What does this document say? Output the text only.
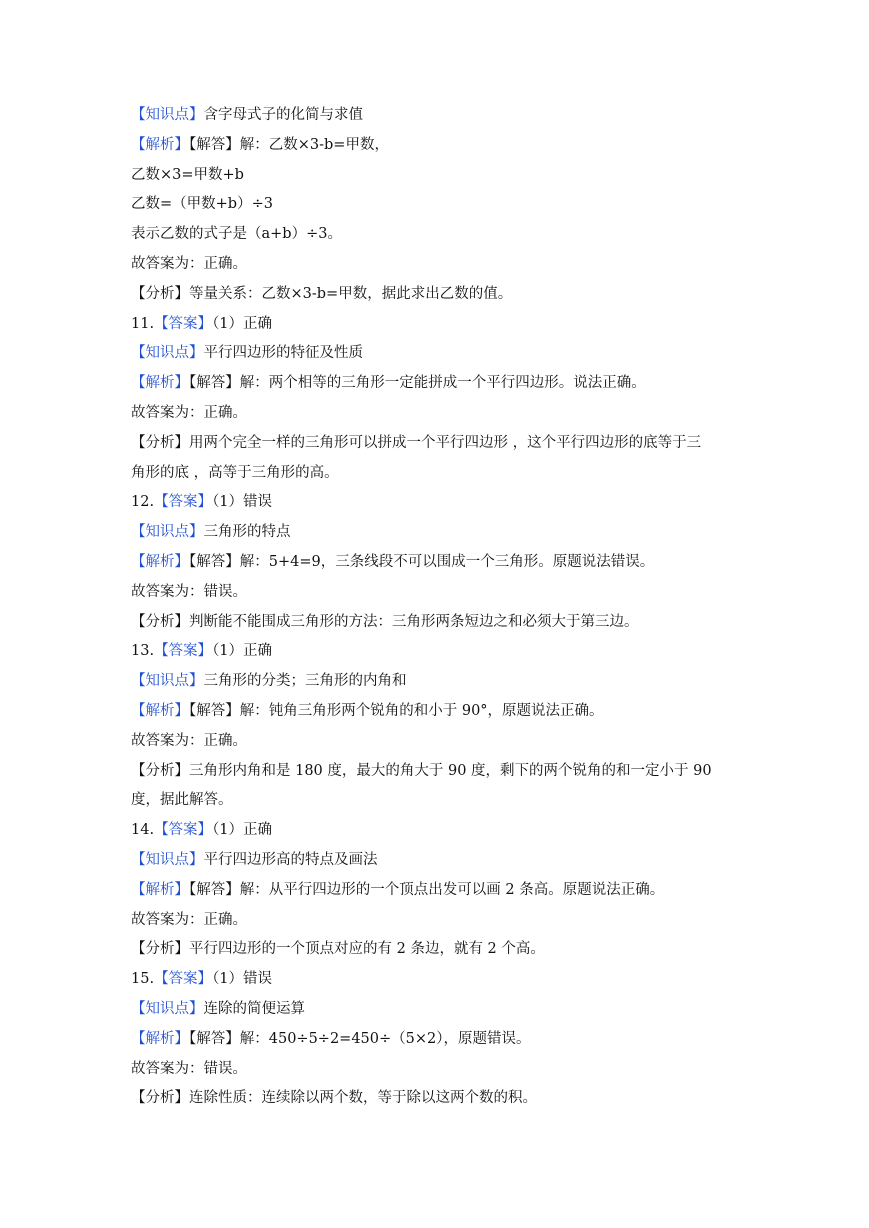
【知识点】含字母式子的化简与求值
【解析】【解答】解：乙数×3-b=甲数，
乙数×3=甲数+b
乙数=（甲数+b）÷3
表示乙数的式子是（a+b）÷3。
故答案为：正确。
【分析】等量关系：乙数×3-b=甲数，据此求出乙数的值。
11.【答案】（1）正确
【知识点】平行四边形的特征及性质
【解析】【解答】解：两个相等的三角形一定能拼成一个平行四边形。说法正确。
故答案为：正确。
【分析】用两个完全一样的三角形可以拼成一个平行四边形 ，这个平行四边形的底等于三
角形的底 ，高等于三角形的高。
12.【答案】（1）错误
【知识点】三角形的特点
【解析】【解答】解：5+4=9，三条线段不可以围成一个三角形。原题说法错误。
故答案为：错误。
【分析】判断能不能围成三角形的方法：三角形两条短边之和必须大于第三边。
13.【答案】（1）正确
【知识点】三角形的分类；三角形的内角和
【解析】【解答】解：钝角三角形两个锐角的和小于 90°，原题说法正确。
故答案为：正确。
【分析】三角形内角和是 180 度，最大的角大于 90 度，剩下的两个锐角的和一定小于 90
度，据此解答。
14.【答案】（1）正确
【知识点】平行四边形高的特点及画法
【解析】【解答】解：从平行四边形的一个顶点出发可以画 2 条高。原题说法正确。
故答案为：正确。
【分析】平行四边形的一个顶点对应的有 2 条边，就有 2 个高。
15.【答案】（1）错误
【知识点】连除的简便运算
【解析】【解答】解：450÷5÷2=450÷（5×2），原题错误。
故答案为：错误。
【分析】连除性质：连续除以两个数，等于除以这两个数的积。
